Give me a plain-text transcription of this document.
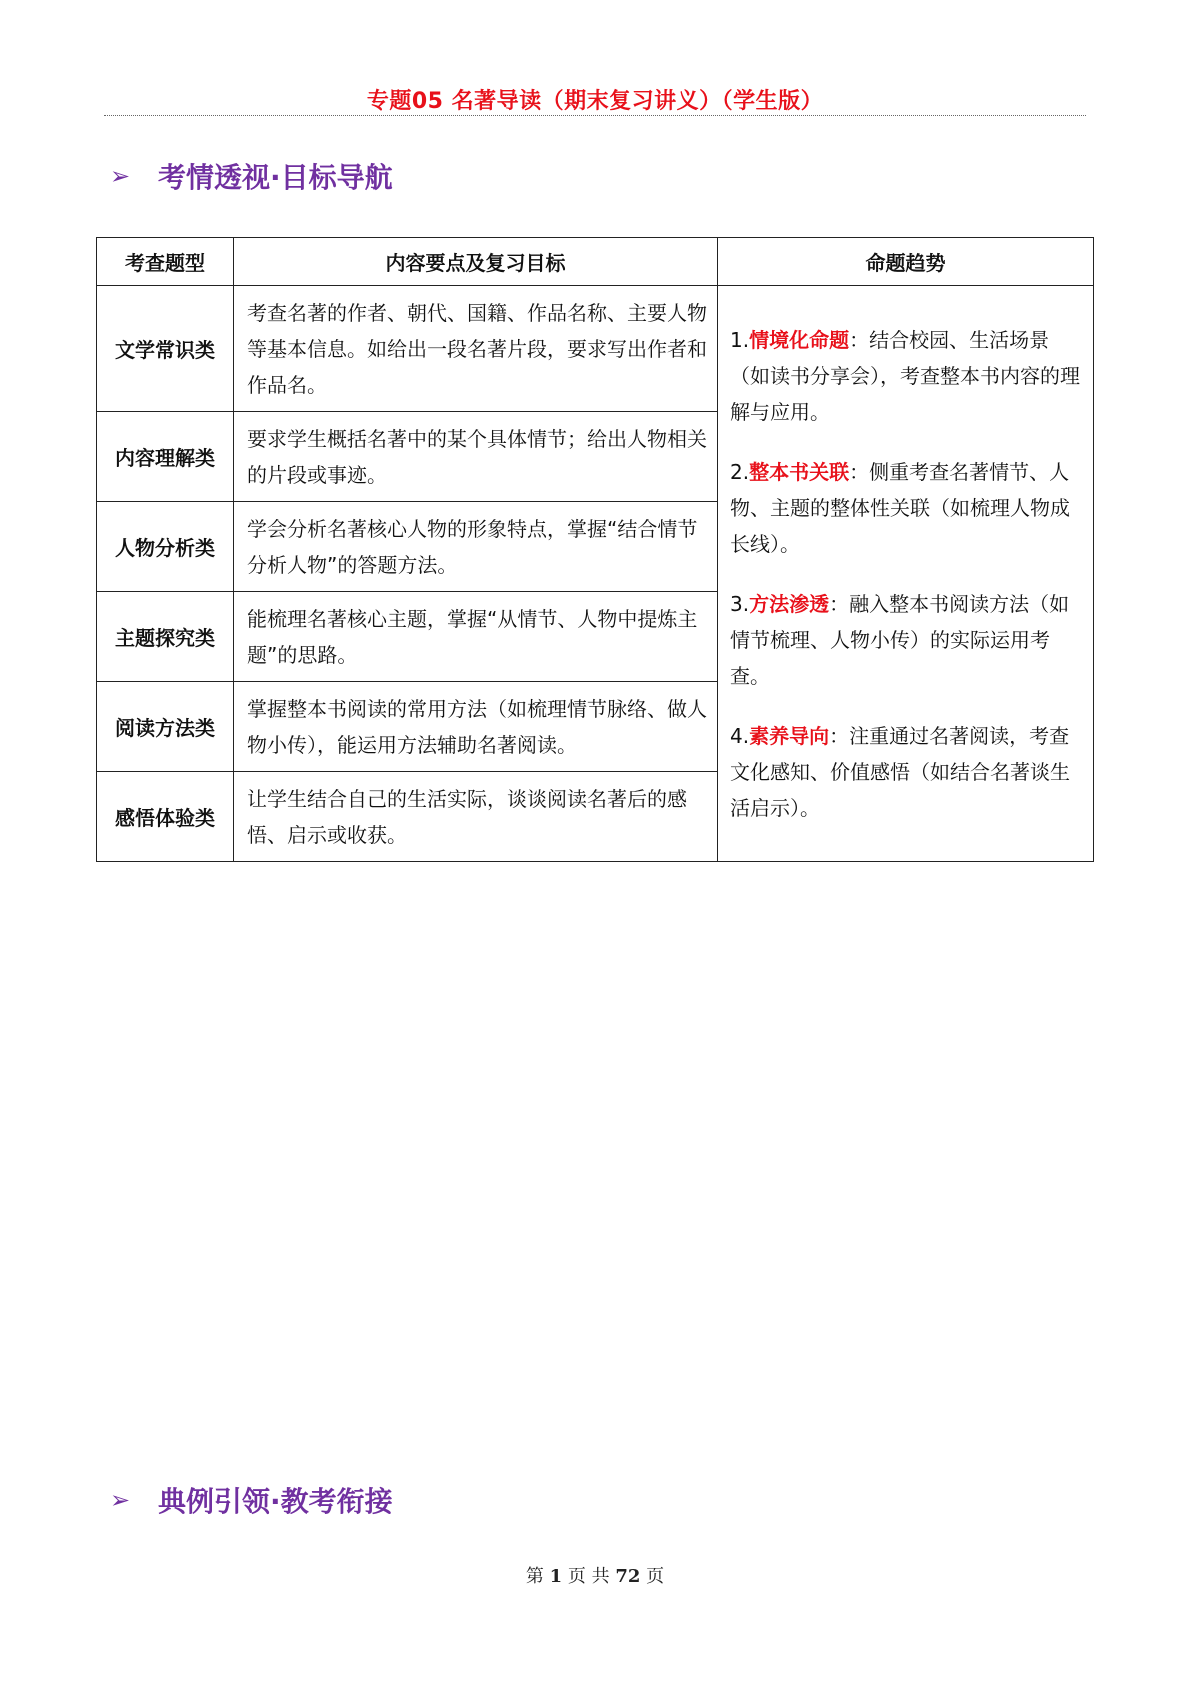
专题05 名著导读（期末复习讲义）（学生版）
➢ 考情透视·目标导航
考查题型	内容要点及复习目标	命题趋势
文学常识类	考查名著的作者、朝代、国籍、作品名称、主要人物等基本信息。如给出一段名著片段，要求写出作者和作品名。	1.情境化命题：结合校园、生活场景（如读书分享会），考查整本书内容的理解与应用。
2.整本书关联：侧重考查名著情节、人物、主题的整体性关联（如梳理人物成长线）。
3.方法渗透：融入整本书阅读方法（如情节梳理、人物小传）的实际运用考查。
4.素养导向：注重通过名著阅读，考查文化感知、价值感悟（如结合名著谈生活启示）。

内容理解类	要求学生概括名著中的某个具体情节；给出人物相关的片段或事迹。	
人物分析类	学会分析名著核心人物的形象特点，掌握“结合情节分析人物”的答题方法。	
主题探究类	能梳理名著核心主题，掌握“从情节、人物中提炼主题”的思路。	
阅读方法类	掌握整本书阅读的常用方法（如梳理情节脉络、做人物小传），能运用方法辅助名著阅读。	
感悟体验类	让学生结合自己的生活实际，谈谈阅读名著后的感悟、启示或收获。	
➢ 典例引领·教考衔接
第 1 页 共 72 页
